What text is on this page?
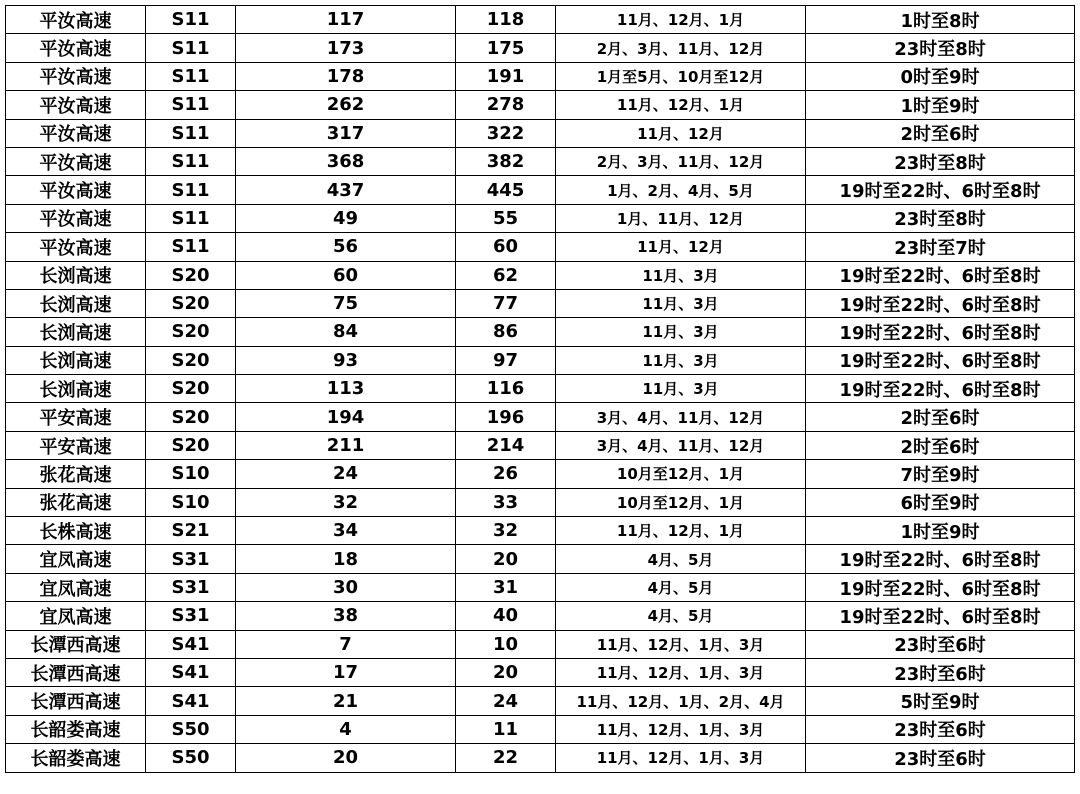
平汝高速	S11	117	118	11月、12月、1月	1时至8时
平汝高速	S11	173	175	2月、3月、11月、12月	23时至8时
平汝高速	S11	178	191	1月至5月、10月至12月	0时至9时
平汝高速	S11	262	278	11月、12月、1月	1时至9时
平汝高速	S11	317	322	11月、12月	2时至6时
平汝高速	S11	368	382	2月、3月、11月、12月	23时至8时
平汝高速	S11	437	445	1月、2月、4月、5月	19时至22时、6时至8时
平汝高速	S11	49	55	1月、11月、12月	23时至8时
平汝高速	S11	56	60	11月、12月	23时至7时
长浏高速	S20	60	62	11月、3月	19时至22时、6时至8时
长浏高速	S20	75	77	11月、3月	19时至22时、6时至8时
长浏高速	S20	84	86	11月、3月	19时至22时、6时至8时
长浏高速	S20	93	97	11月、3月	19时至22时、6时至8时
长浏高速	S20	113	116	11月、3月	19时至22时、6时至8时
平安高速	S20	194	196	3月、4月、11月、12月	2时至6时
平安高速	S20	211	214	3月、4月、11月、12月	2时至6时
张花高速	S10	24	26	10月至12月、1月	7时至9时
张花高速	S10	32	33	10月至12月、1月	6时至9时
长株高速	S21	34	32	11月、12月、1月	1时至9时
宜凤高速	S31	18	20	4月、5月	19时至22时、6时至8时
宜凤高速	S31	30	31	4月、5月	19时至22时、6时至8时
宜凤高速	S31	38	40	4月、5月	19时至22时、6时至8时
长潭西高速	S41	7	10	11月、12月、1月、3月	23时至6时
长潭西高速	S41	17	20	11月、12月、1月、3月	23时至6时
长潭西高速	S41	21	24	11月、12月、1月、2月、4月	5时至9时
长韶娄高速	S50	4	11	11月、12月、1月、3月	23时至6时
长韶娄高速	S50	20	22	11月、12月、1月、3月	23时至6时
